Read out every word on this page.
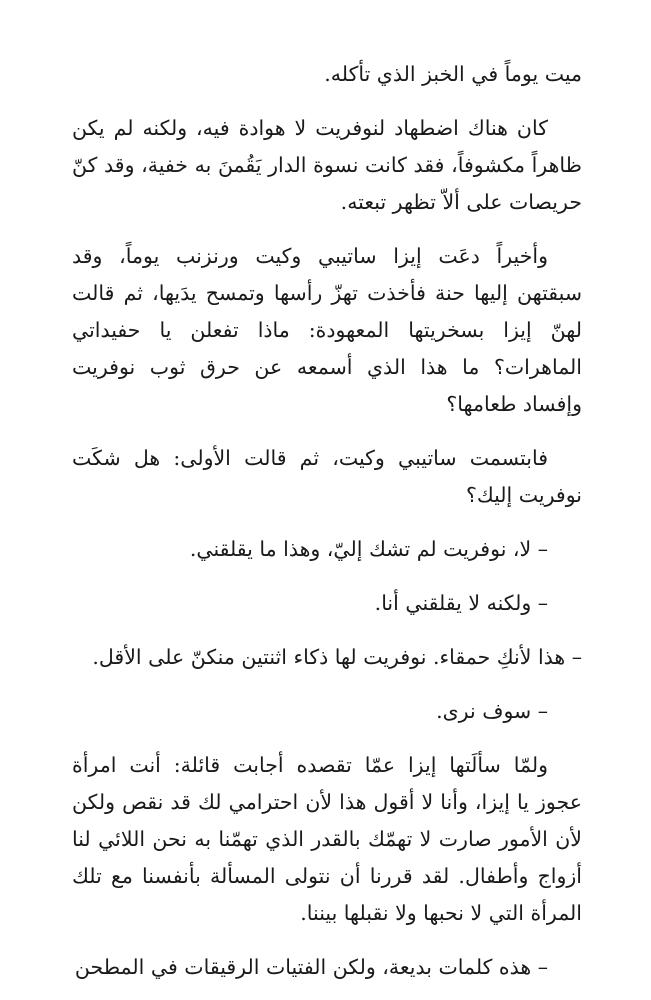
ميت يوماً في الخبز الذي تأكله.

كان هناك اضطهاد لنوفريت لا هوادة فيه، ولكنه لم يكن ظاهراً مكشوفاً، فقد كانت نسوة الدار يَقُمنَ به خفية، وقد كنّ حريصات على ألاّ تظهر تبعته.

وأخيراً دعَت إيزا ساتيبي وكيت ورنزنب يوماً، وقد سبقتهن إليها حنة فأخذت تهزّ رأسها وتمسح يدَيها، ثم قالت لهنّ إيزا بسخريتها المعهودة: ماذا تفعلن يا حفيداتي الماهرات؟ ما هذا الذي أسمعه عن حرق ثوب نوفريت وإفساد طعامها؟

فابتسمت ساتيبي وكيت، ثم قالت الأولى: هل شكَت نوفريت إليك؟

– لا، نوفريت لم تشك إليّ، وهذا ما يقلقني.

– ولكنه لا يقلقني أنا.

– هذا لأنكِ حمقاء. نوفريت لها ذكاء اثنتين منكنّ على الأقل.

– سوف نرى.

ولمّا سألَتها إيزا عمّا تقصده أجابت قائلة: أنت امرأة عجوز يا إيزا، وأنا لا أقول هذا لأن احترامي لك قد نقص ولكن لأن الأمور صارت لا تهمّك بالقدر الذي تهمّنا به نحن اللائي لنا أزواج وأطفال. لقد قررنا أن نتولى المسألة بأنفسنا مع تلك المرأة التي لا نحبها ولا نقبلها بيننا.

– هذه كلمات بديعة، ولكن الفتيات الرقيقات في المطحن
